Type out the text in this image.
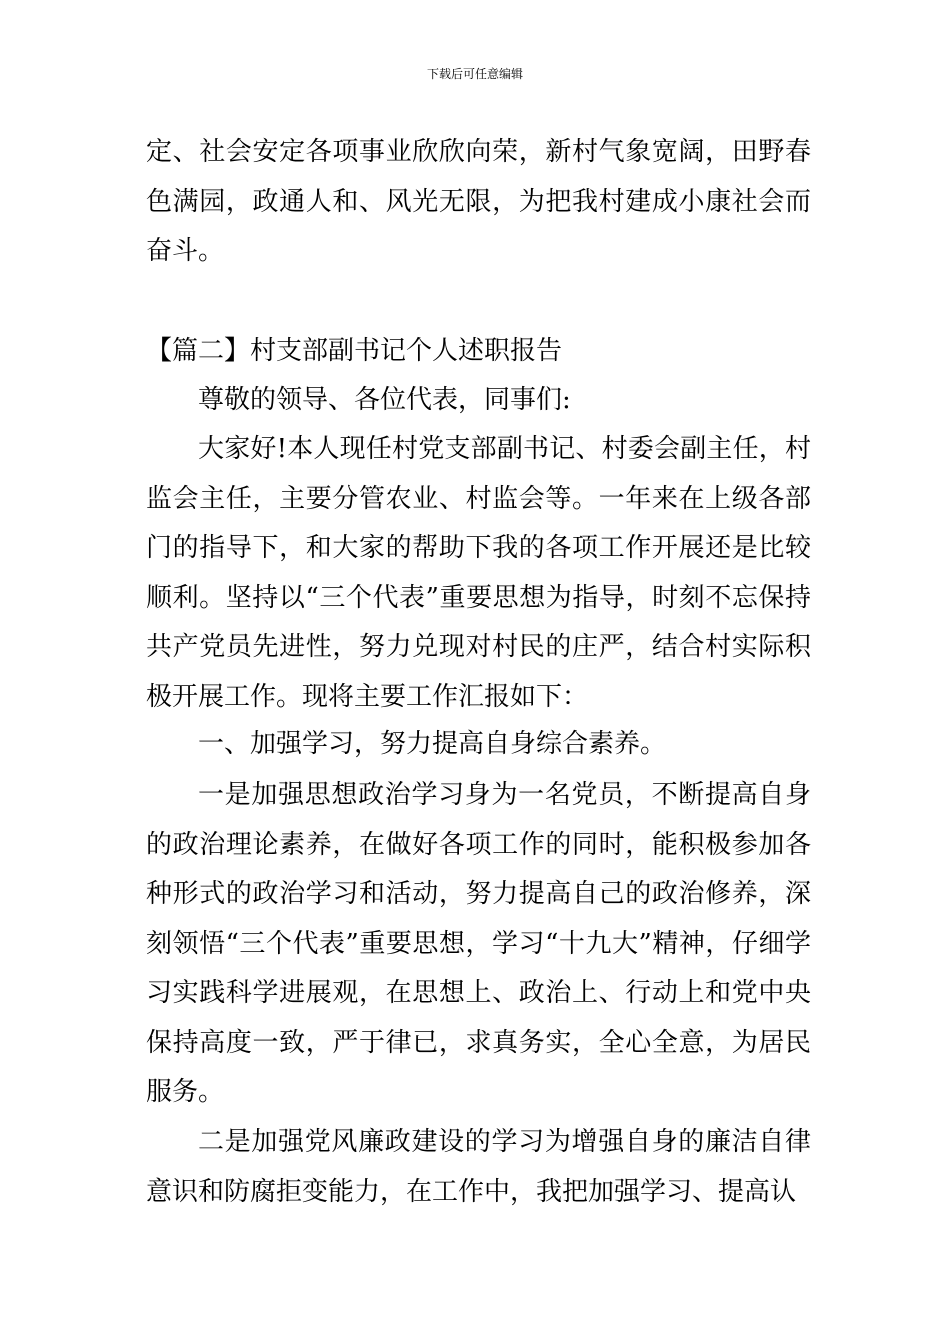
下载后可任意编辑

定、社会安定各项事业欣欣向荣，新村气象宽阔，田野春色满园，政通人和、风光无限，为把我村建成小康社会而奋斗。

【篇二】村支部副书记个人述职报告

尊敬的领导、各位代表，同事们:

大家好!本人现任村党支部副书记、村委会副主任，村监会主任，主要分管农业、村监会等。一年来在上级各部门的指导下，和大家的帮助下我的各项工作开展还是比较顺利。坚持以“三个代表”重要思想为指导，时刻不忘保持共产党员先进性，努力兑现对村民的庄严，结合村实际积极开展工作。现将主要工作汇报如下：

一、加强学习，努力提高自身综合素养。

一是加强思想政治学习身为一名党员，不断提高自身的政治理论素养，在做好各项工作的同时，能积极参加各种形式的政治学习和活动，努力提高自己的政治修养，深刻领悟“三个代表”重要思想，学习“十九大”精神，仔细学习实践科学进展观，在思想上、政治上、行动上和党中央保持高度一致，严于律已，求真务实，全心全意，为居民服务。

二是加强党风廉政建设的学习为增强自身的廉洁自律意识和防腐拒变能力，在工作中，我把加强学习、提高认
